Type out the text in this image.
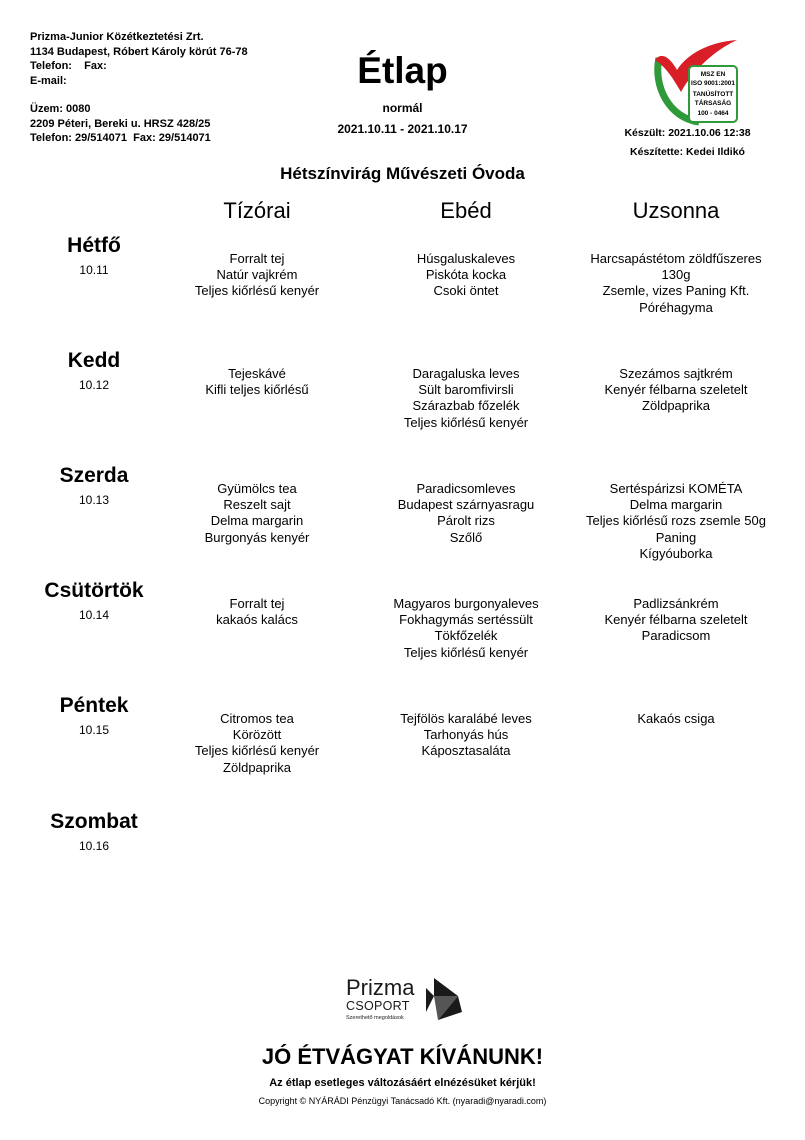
Prizma-Junior Közétkeztetési Zrt.
1134 Budapest, Róbert Károly körút 76-78
Telefon:    Fax:
E-mail:
Üzem: 0080
2209 Péteri, Bereki u. HRSZ 428/25
Telefon: 29/514071  Fax: 29/514071
Étlap
normál
2021.10.11 - 2021.10.17
MSZ EN
ISO 9001:2001
TANÚSÍTOTT
TÁRSASÁG
100 - 0464
Készült: 2021.10.06 12:38
Készítette: Kedei Ildikó
Hétszínvirág Művészeti Óvoda
Tízórai	Ebéd	Uzsonna
Hétfő
10.11
Forralt tej
Natúr vajkrém
Teljes kiőrlésű kenyér
Húsgaluskaleves
Piskóta kocka
Csoki öntet
Harcsapástétom zöldfűszeres
130g
Zsemle, vizes Paning Kft.
Póréhagyma
Kedd
10.12
Tejeskávé
Kifli teljes kiőrlésű
Daragaluska leves
Sült baromfivirsli
Szárazbab főzelék
Teljes kiőrlésű kenyér
Szezámos sajtkrém
Kenyér félbarna szeletelt
Zöldpaprika
Szerda
10.13
Gyümölcs tea
Reszelt sajt
Delma margarin
Burgonyás kenyér
Paradicsomleves
Budapest szárnyasragu
Párolt rizs
Szőlő
Sertéspárizsi KOMÉTA
Delma margarin
Teljes kiőrlésű rozs zsemle 50g
Paning
Kígyóuborka
Csütörtök
10.14
Forralt tej
kakaós kalács
Magyaros burgonyaleves
Fokhagymás sertéssült
Tökfőzelék
Teljes kiőrlésű kenyér
Padlizsánkrém
Kenyér félbarna szeletelt
Paradicsom
Péntek
10.15
Citromos tea
Körözött
Teljes kiőrlésű kenyér
Zöldpaprika
Tejfölös karalábé leves
Tarhonyás hús
Káposztasaláta
Kakaós csiga
Szombat
10.16
Prizma
CSOPORT
Szerethető megoldások
JÓ ÉTVÁGYAT KÍVÁNUNK!
Az étlap esetleges változásáért elnézésüket kérjük!
Copyright © NYÁRÁDI Pénzügyi Tanácsadó Kft. (nyaradi@nyaradi.com)
